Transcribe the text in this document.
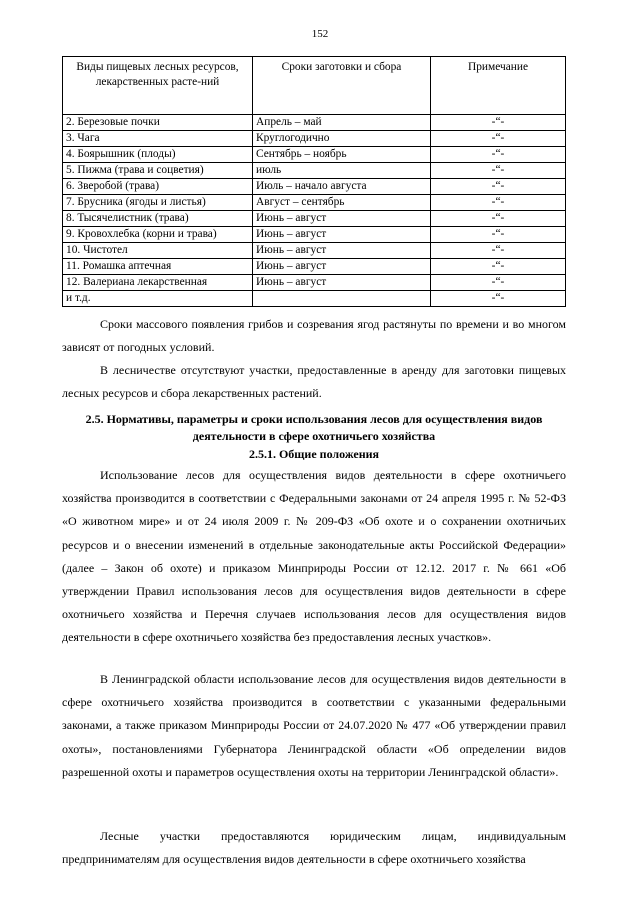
152
Виды пищевых лесных ресурсов, лекарственных расте-ний	Сроки заготовки и сбора	Примечание
2. Березовые почки	Апрель – май	-“-
3. Чага	Круглогодично	-“-
4. Боярышник (плоды)	Сентябрь – ноябрь	-“-
5. Пижма (трава и соцветия)	июль	-“-
6. Зверобой (трава)	Июль – начало августа	-“-
7. Брусника (ягоды и листья)	Август – сентябрь	-“-
8. Тысячелистник (трава)	Июнь – август	-“-
9. Кровохлебка (корни и трава)	Июнь – август	-“-
10. Чистотел	Июнь – август	-“-
11. Ромашка аптечная	Июнь – август	-“-
12. Валериана лекарственная	Июнь – август	-“-
и т.д.		-“-

Сроки массового появления грибов и созревания ягод растянуты по времени и во многом зависят от погодных условий.

В лесничестве отсутствуют участки, предоставленные в аренду для заготовки пищевых лесных ресурсов и сбора лекарственных растений.

2.5. Нормативы, параметры и сроки использования лесов для осуществления видов деятельности в сфере охотничьего хозяйства
2.5.1. Общие положения

Использование лесов для осуществления видов деятельности в сфере охотничьего хозяйства производится в соответствии с Федеральными законами от 24 апреля 1995 г. № 52-ФЗ «О животном мире» и от 24 июля 2009 г. № 209-ФЗ «Об охоте и о сохранении охотничьих ресурсов и о внесении изменений в отдельные законодательные акты Российской Федерации» (далее – Закон об охоте) и приказом Минприроды России от 12.12. 2017 г. № 661 «Об утверждении Правил использования лесов для осуществления видов деятельности в сфере охотничьего хозяйства и Перечня случаев использования лесов для осуществления видов деятельности в сфере охотничьего хозяйства без предоставления лесных участков».

В Ленинградской области использование лесов для осуществления видов деятельности в сфере охотничьего хозяйства производится в соответствии с указанными федеральными законами, а также приказом Минприроды России от 24.07.2020 № 477 «Об утверждении правил охоты», постановлениями Губернатора Ленинградской области «Об определении видов разрешенной охоты и параметров осуществления охоты на территории Ленинградской области».

Лесные участки предоставляются юридическим лицам, индивидуальным предпринимателям для осуществления видов деятельности в сфере охотничьего хозяйства
